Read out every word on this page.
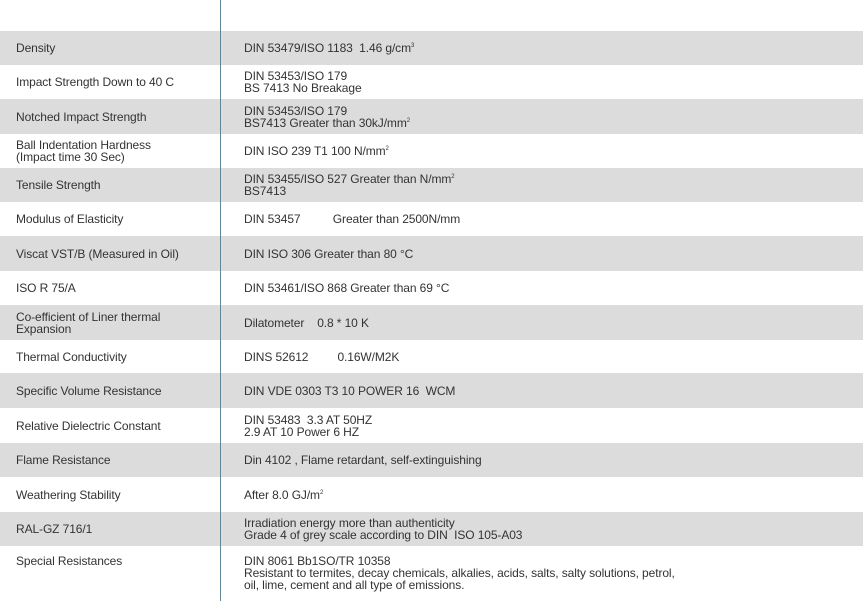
Density	DIN 53479/ISO 1183  1.46 $g/cm^3$
Impact Strength Down to 40 C	DIN 53453/ISO 179
BS 7413 No Breakage
Notched Impact Strength	DIN 53453/ISO 179
BS7413 Greater than $30kJ/mm^2$
Ball Indentation Hardness
(Impact time 30 Sec)	DIN ISO 239 T1 100 $N/mm^2$
Tensile Strength	DIN 53455/ISO 527 Greater than $N/mm^2$
BS7413
Modulus of Elasticity	DIN 53457          Greater than 2500N/mm
Viscat VST/B (Measured in Oil)	DIN ISO 306 Greater than 80 °C
ISO R 75/A	DIN 53461/ISO 868 Greater than 69 °C
Co-efficient of Liner thermal
Expansion	Dilatometer    0.8 * 10 K
Thermal Conductivity	DINS 52612         0.16W/M2K
Specific Volume Resistance	DIN VDE 0303 T3 10 POWER 16  WCM
Relative Dielectric Constant	DIN 53483  3.3 AT 50HZ
2.9 AT 10 Power 6 HZ
Flame Resistance	Din 4102 , Flame retardant, self-extinguishing
Weathering Stability	After 8.0 $GJ/m^2$
RAL-GZ 716/1	Irradiation energy more than authenticity
Grade 4 of grey scale according to DIN  ISO 105-A03
Special Resistances	DIN 8061 Bb1SO/TR 10358
Resistant to termites, decay chemicals, alkalies, acids, salts, salty solutions, petrol,
oil, lime, cement and all type of emissions.
